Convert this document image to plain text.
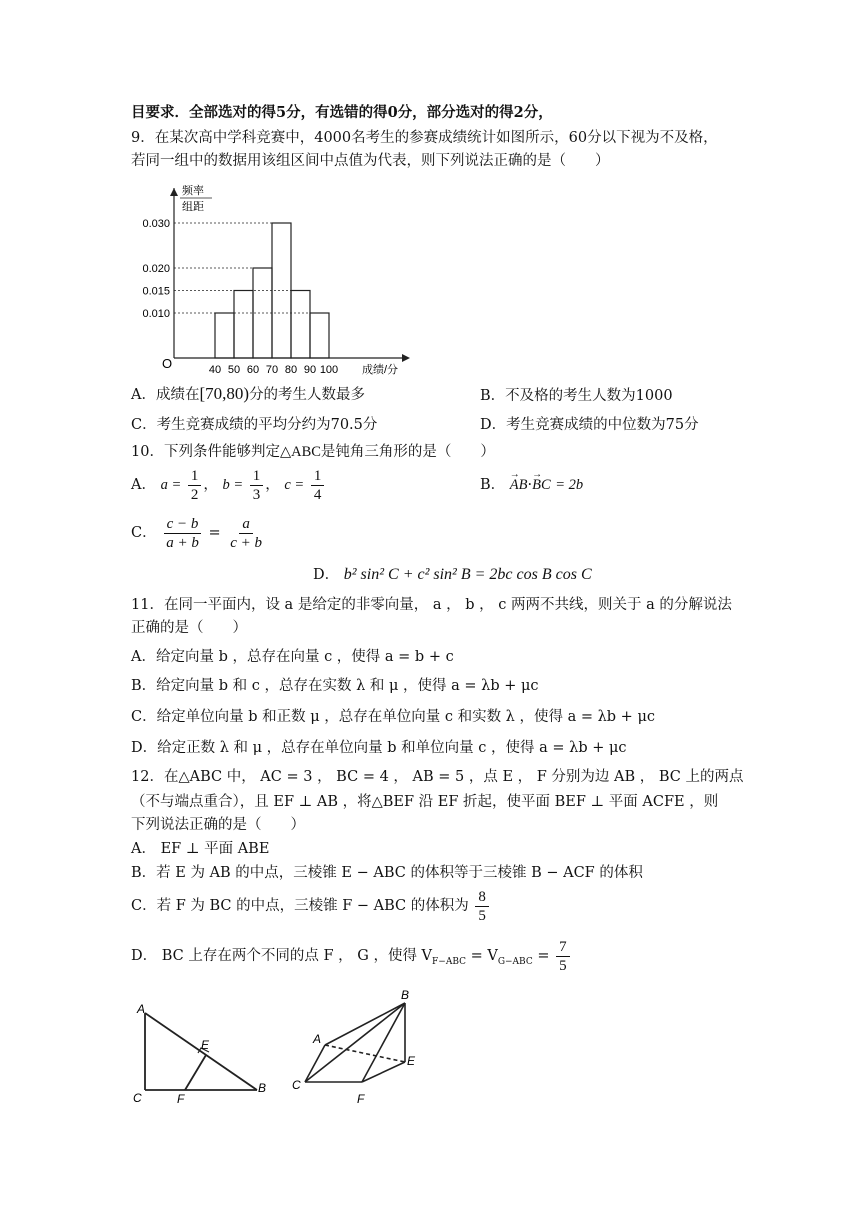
目要求．全部选对的得5分，有选错的得0分，部分选对的得2分，
9．在某次高中学科竞赛中，4000名考生的参赛成绩统计如图所示，60分以下视为不及格，
若同一组中的数据用该组区间中点值为代表，则下列说法正确的是（　　）
频率
组距
O
0.010
0.015
0.020
0.030
40 50 60 70 80 90 100 成绩/分
A．成绩在[70,80)分的考生人数最多	B．不及格的考生人数为1000
C．考生竞赛成绩的平均分约为70.5分	D．考生竞赛成绩的中位数为75分
10．下列条件能够判定△ABC是钝角三角形的是（　　）
A． $a = \frac{1}{2}$ ， $b = \frac{1}{3}$ ， $c = \frac{1}{4}$	B． → AB·→ BC = 2b
C． $\frac{c - b}{a + b} = \frac{a}{c + b}$
D． b² sin² C + c² sin² B = 2bc cos B cos C
11．在同一平面内，设 a 是给定的非零向量， a ， b ， c 两两不共线，则关于 a 的分解说法
正确的是（　　）
A．给定向量 b ，总存在向量 c ，使得 a = b + c
B．给定向量 b 和 c ，总存在实数 λ 和 μ ，使得 a = λb + μc
C．给定单位向量 b 和正数 μ ，总存在单位向量 c 和实数 λ ，使得 a = λb + μc
D．给定正数 λ 和 μ ，总存在单位向量 b 和单位向量 c ，使得 a = λb + μc
12．在△ABC 中， AC = 3 ， BC = 4 ， AB = 5 ，点 E ， F 分别为边 AB ， BC 上的两点
（不与端点重合），且 EF ⊥ AB ，将△BEF 沿 EF 折起，使平面 BEF ⊥ 平面 ACFE ，则
下列说法正确的是（　　）
A． EF ⊥ 平面 ABE
B．若 E 为 AB 的中点，三棱锥 E − ABC 的体积等于三棱锥 B − ACF 的体积
C．若 F 为 BC 的中点，三棱锥 F − ABC 的体积为 $\frac{8}{5}$
D． BC 上存在两个不同的点 F ， G ，使得 $V_{F-ABC} = V_{G-ABC} = \frac{7}{5}$
A
E
C	F
B
B
A
E
C
F
